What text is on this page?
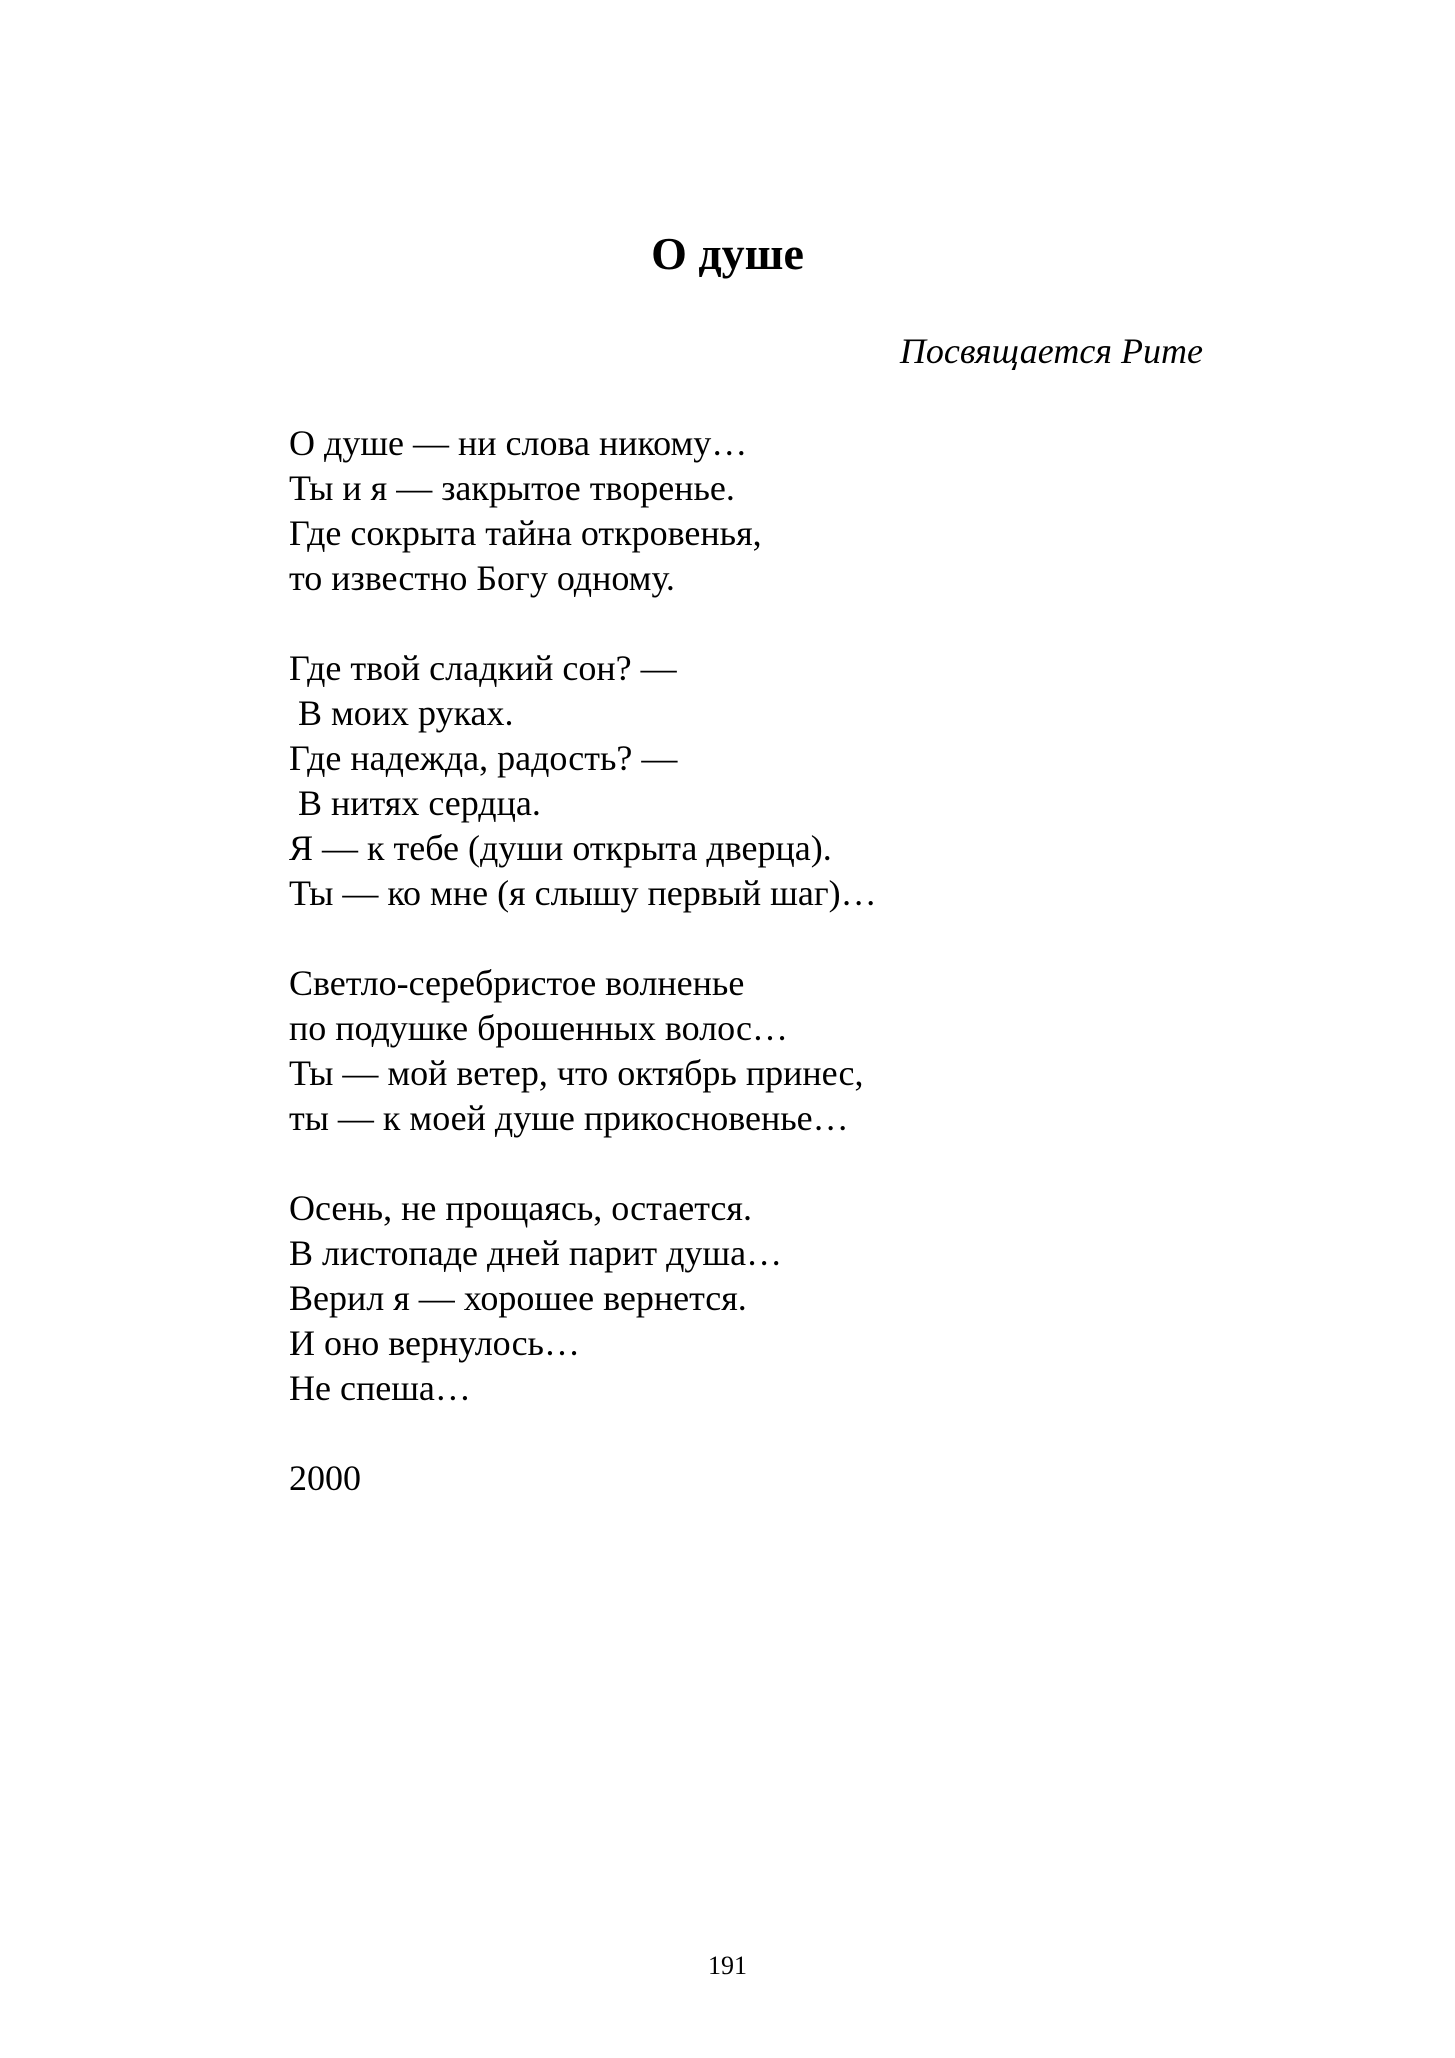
О душе
Посвящается Рите
О душе — ни слова никому…
Ты и я — закрытое творенье.
Где сокрыта тайна откровенья,
то известно Богу одному.
Где твой сладкий сон? —
В моих руках.
Где надежда, радость? —
В нитях сердца.
Я — к тебе (души открыта дверца).
Ты — ко мне (я слышу первый шаг)…
Светло-серебристое волненье
по подушке брошенных волос…
Ты — мой ветер, что октябрь принес,
ты — к моей душе прикосновенье…
Осень, не прощаясь, остается.
В листопаде дней парит душа…
Верил я — хорошее вернется.
И оно вернулось…
Не спеша…
2000
191
